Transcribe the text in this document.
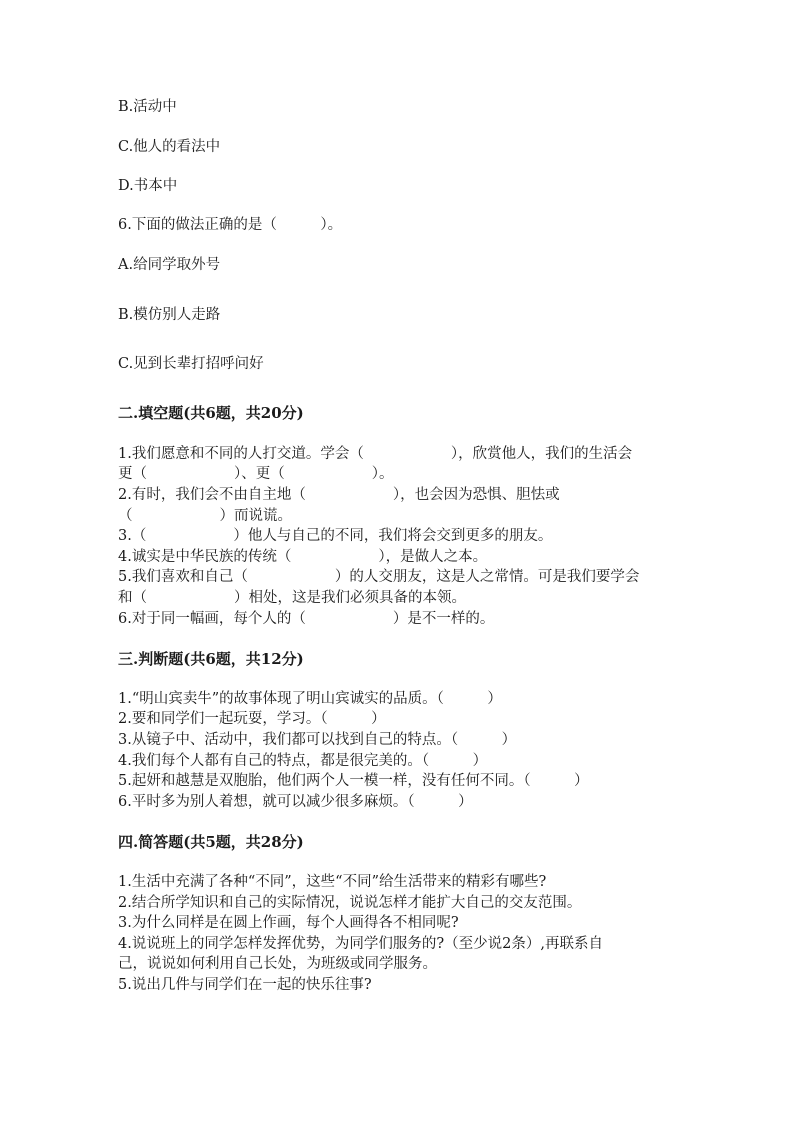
B.活动中
C.他人的看法中
D.书本中
6.下面的做法正确的是（　　　）。
A.给同学取外号
B.模仿别人走路
C.见到长辈打招呼问好
二.填空题(共6题，共20分)
1.我们愿意和不同的人打交道。学会（　　　　　　），欣赏他人，我们的生活会
更（　　　　　　）、更（　　　　　　）。
2.有时，我们会不由自主地（　　　　　　），也会因为恐惧、胆怯或
（　　　　　　）而说谎。
3.（　　　　　　）他人与自己的不同，我们将会交到更多的朋友。
4.诚实是中华民族的传统（　　　　　　），是做人之本。
5.我们喜欢和自己（　　　　　　）的人交朋友，这是人之常情。可是我们要学会
和（　　　　　　）相处，这是我们必须具备的本领。
6.对于同一幅画，每个人的（　　　　　　）是不一样的。
三.判断题(共6题，共12分)
1.“明山宾卖牛”的故事体现了明山宾诚实的品质。（　　　）
2.要和同学们一起玩耍，学习。（　　　）
3.从镜子中、活动中，我们都可以找到自己的特点。（　　　）
4.我们每个人都有自己的特点，都是很完美的。（　　　）
5.起妍和越慧是双胞胎，他们两个人一模一样，没有任何不同。（　　　）
6.平时多为别人着想，就可以减少很多麻烦。（　　　）
四.简答题(共5题，共28分)
1.生活中充满了各种“不同”，这些“不同”给生活带来的精彩有哪些?
2.结合所学知识和自己的实际情况，说说怎样才能扩大自己的交友范围。
3.为什么同样是在圆上作画，每个人画得各不相同呢?
4.说说班上的同学怎样发挥优势，为同学们服务的?（至少说2条）,再联系自
己，说说如何利用自己长处，为班级或同学服务。
5.说出几件与同学们在一起的快乐往事?
